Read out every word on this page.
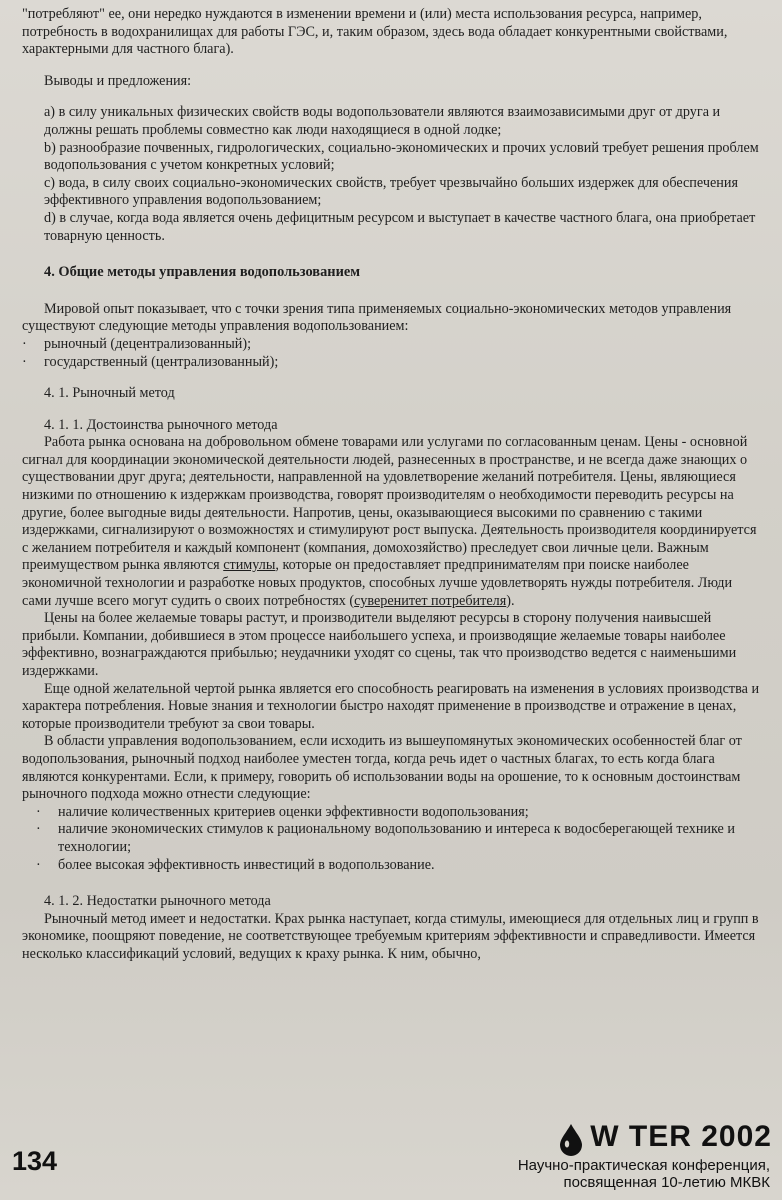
"потребляют" ее, они нередко нуждаются в изменении времени и (или) места использования ресурса, например, потребность в водохранилищах для работы ГЭС, и, таким образом, здесь вода обладает конкурентными свойствами, характерными для частного блага).

Выводы и предложения:

a) в силу уникальных физических свойств воды водопользователи являются взаимозависимыми друг от друга и должны решать проблемы совместно как люди находящиеся в одной лодке;

b) разнообразие почвенных, гидрологических, социально-экономических и прочих условий требует решения проблем водопользования с учетом конкретных условий;

c) вода, в силу своих социально-экономических свойств, требует чрезвычайно больших издержек для обеспечения эффективного управления водопользованием;

d) в случае, когда вода является очень дефицитным ресурсом и выступает в качестве частного блага, она приобретает товарную ценность.

4. Общие методы управления водопользованием

Мировой опыт показывает, что с точки зрения типа применяемых социально-экономических методов управления существуют следующие методы управления водопользованием:

· рыночный (децентрализованный);

· государственный (централизованный);

4. 1. Рыночный метод

4. 1. 1. Достоинства рыночного метода

Работа рынка основана на добровольном обмене товарами или услугами по согласованным ценам. Цены - основной сигнал для координации экономической деятельности людей, разнесенных в пространстве, и не всегда даже знающих о существовании друг друга; деятельности, направленной на удовлетворение желаний потребителя. Цены, являющиеся низкими по отношению к издержкам производства, говорят производителям о необходимости переводить ресурсы на другие, более выгодные виды деятельности. Напротив, цены, оказывающиеся высокими по сравнению с такими издержками, сигнализируют о возможностях и стимулируют рост выпуска. Деятельность производителя координируется с желанием потребителя и каждый компонент (компания, домохозяйство) преследует свои личные цели. Важным преимуществом рынка являются стимулы, которые он предоставляет предпринимателям при поиске наиболее экономичной технологии и разработке новых продуктов, способных лучше удовлетворять нужды потребителя. Люди сами лучше всего могут судить о своих потребностях (суверенитет потребителя).

Цены на более желаемые товары растут, и производители выделяют ресурсы в сторону получения наивысшей прибыли. Компании, добившиеся в этом процессе наибольшего успеха, и производящие желаемые товары наиболее эффективно, вознаграждаются прибылью; неудачники уходят со сцены, так что производство ведется с наименьшими издержками.

Еще одной желательной чертой рынка является его способность реагировать на изменения в условиях производства и характера потребления. Новые знания и технологии быстро находят применение в производстве и отражение в ценах, которые производители требуют за свои товары.

В области управления водопользованием, если исходить из вышеупомянутых экономических особенностей благ от водопользования, рыночный подход наиболее уместен тогда, когда речь идет о частных благах, то есть когда блага являются конкурентами. Если, к примеру, говорить об использовании воды на орошение, то к основным достоинствам рыночного подхода можно отнести следующие:

· наличие количественных критериев оценки эффективности водопользования;

· наличие экономических стимулов к рациональному водопользованию и интереса к водосберегающей технике и технологии;

· более высокая эффективность инвестиций в водопользование.

4. 1. 2. Недостатки рыночного метода

Рыночный метод имеет и недостатки. Крах рынка наступает, когда стимулы, имеющиеся для отдельных лиц и групп в экономике, поощряют поведение, не соответствующее требуемым критериям эффективности и справедливости. Имеется несколько классификаций условий, ведущих к краху рынка. К ним, обычно,

134
W TER 2002
Научно-практическая конференция,
посвященная 10-летию МКВК
